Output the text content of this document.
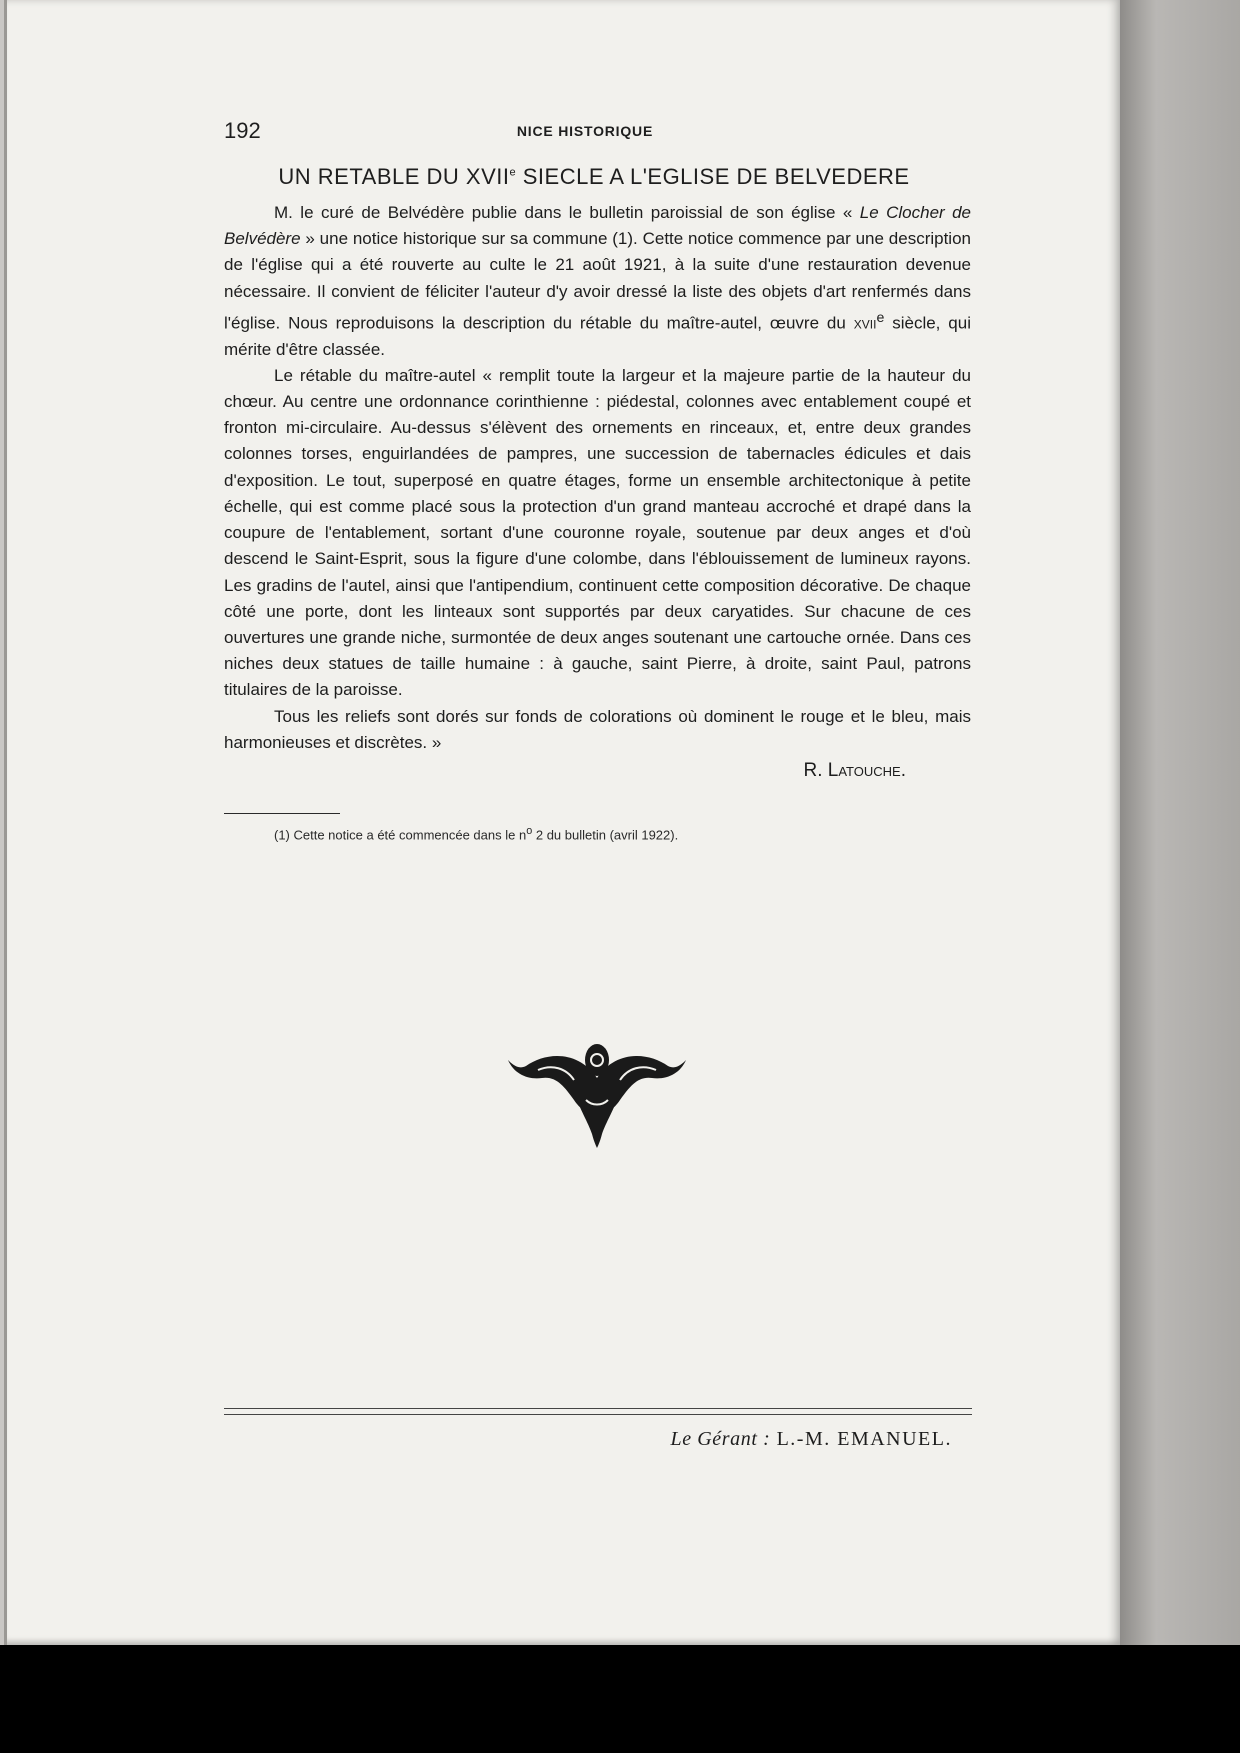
192	NICE HISTORIQUE
UN RETABLE DU XVIIe SIECLE A L'EGLISE DE BELVEDERE

M. le curé de Belvédère publie dans le bulletin paroissial de son église « Le Clocher de Belvédère » une notice historique sur sa commune (1). Cette notice commence par une description de l'église qui a été rouverte au culte le 21 août 1921, à la suite d'une restauration devenue nécessaire. Il convient de féliciter l'auteur d'y avoir dressé la liste des objets d'art renfermés dans l'église. Nous reproduisons la description du rétable du maître-autel, œuvre du xvii$^e$ siècle, qui mérite d'être classée.

Le rétable du maître-autel « remplit toute la largeur et la majeure partie de la hauteur du chœur. Au centre une ordonnance corinthienne : piédestal, colonnes avec entablement coupé et fronton mi-circulaire. Au-dessus s'élèvent des ornements en rinceaux, et, entre deux grandes colonnes torses, enguirlandées de pampres, une succession de tabernacles édicules et dais d'exposition. Le tout, superposé en quatre étages, forme un ensemble architectonique à petite échelle, qui est comme placé sous la protection d'un grand manteau accroché et drapé dans la coupure de l'entablement, sortant d'une couronne royale, soutenue par deux anges et d'où descend le Saint-Esprit, sous la figure d'une colombe, dans l'éblouissement de lumineux rayons. Les gradins de l'autel, ainsi que l'antipendium, continuent cette composition décorative. De chaque côté une porte, dont les linteaux sont supportés par deux caryatides. Sur chacune de ces ouvertures une grande niche, surmontée de deux anges soutenant une cartouche ornée. Dans ces niches deux statues de taille humaine : à gauche, saint Pierre, à droite, saint Paul, patrons titulaires de la paroisse.

Tous les reliefs sont dorés sur fonds de colorations où dominent le rouge et le bleu, mais harmonieuses et discrètes. »

R. Latouche.
(1) Cette notice a été commencée dans le $n^o$ 2 du bulletin (avril 1922).
Le Gérant : L.-M. EMANUEL.
